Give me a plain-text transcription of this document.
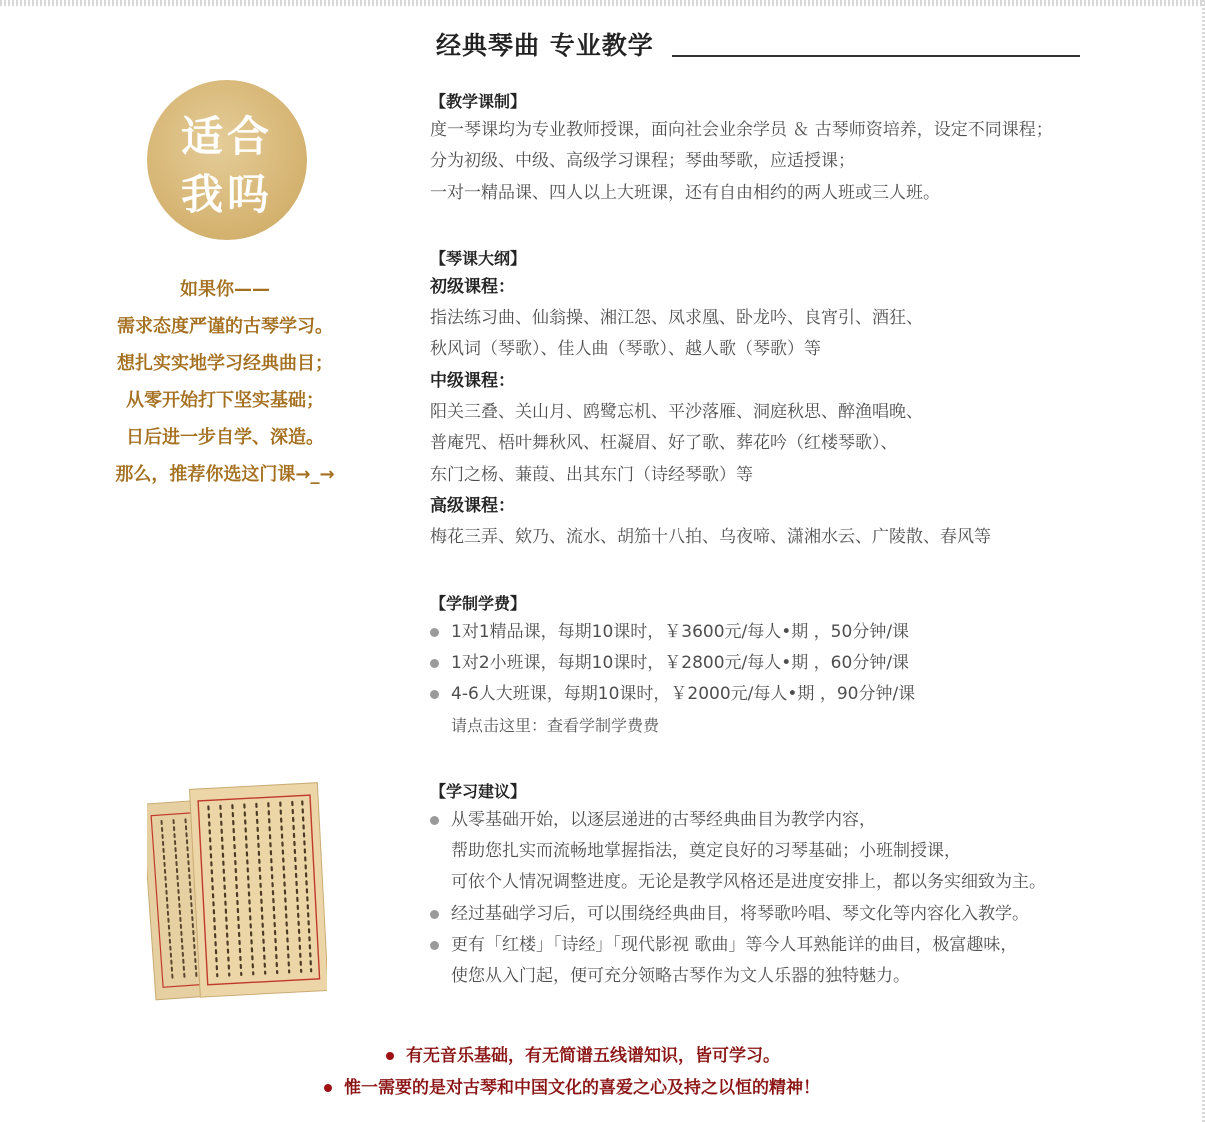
经典琴曲 专业教学
适合
我吗
如果你——
需求态度严谨的古琴学习。
想扎实实地学习经典曲目；
从零开始打下坚实基础；
日后进一步自学、深造。
那么，推荐你选这门课→_→
【教学课制】
度一琴课均为专业教师授课，面向社会业余学员 ＆ 古琴师资培养，设定不同课程；
分为初级、中级、高级学习课程；琴曲琴歌，应适授课；
一对一精品课、四人以上大班课，还有自由相约的两人班或三人班。
【琴课大纲】
初级课程：
指法练习曲、仙翁操、湘江怨、凤求凰、卧龙吟、良宵引、酒狂、
秋风词（琴歌）、佳人曲（琴歌）、越人歌（琴歌）等
中级课程：
阳关三叠、关山月、鸥鹭忘机、平沙落雁、洞庭秋思、醉渔唱晚、
普庵咒、梧叶舞秋风、枉凝眉、好了歌、葬花吟（红楼琴歌）、
东门之杨、蒹葭、出其东门（诗经琴歌）等
高级课程：
梅花三弄、欸乃、流水、胡笳十八拍、乌夜啼、潇湘水云、广陵散、春风等
【学制学费】
1对1精品课，每期10课时，￥3600元/每人•期 ，50分钟/课
1对2小班课，每期10课时，￥2800元/每人•期 ，60分钟/课
4-6人大班课，每期10课时，￥2000元/每人•期 ，90分钟/课
请点击这里：查看学制学费费
【学习建议】
从零基础开始，以逐层递进的古琴经典曲目为教学内容，
帮助您扎实而流畅地掌握指法，奠定良好的习琴基础；小班制授课，
可依个人情况调整进度。无论是教学风格还是进度安排上，都以务实细致为主。
经过基础学习后，可以围绕经典曲目，将琴歌吟唱、琴文化等内容化入教学。
更有「红楼」「诗经」「现代影视 歌曲」等今人耳熟能详的曲目，极富趣味，
使您从入门起，便可充分领略古琴作为文人乐器的独特魅力。
有无音乐基础，有无简谱五线谱知识，皆可学习。
惟一需要的是对古琴和中国文化的喜爱之心及持之以恒的精神！
